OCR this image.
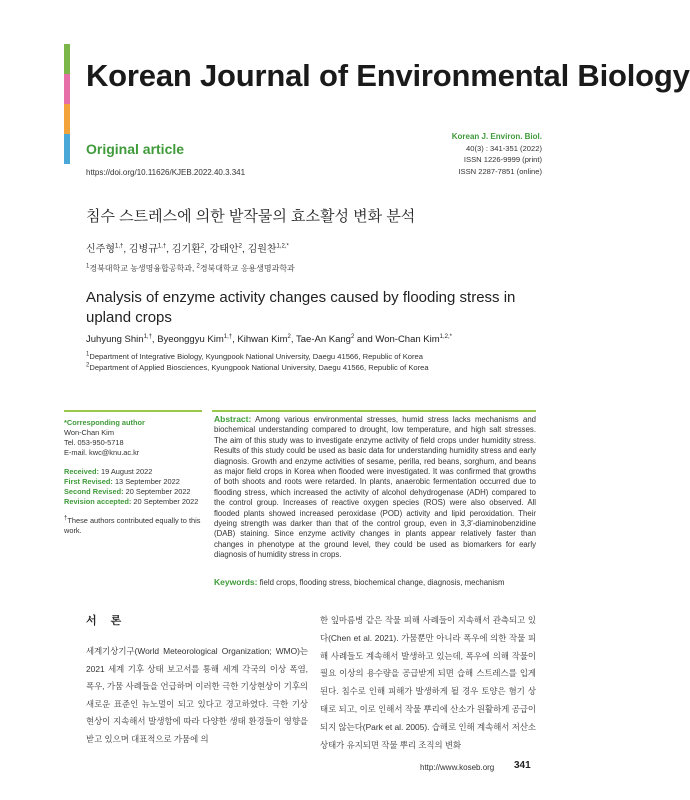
Korean Journal of Environmental Biology
Original article
https://doi.org/10.11626/KJEB.2022.40.3.341
Korean J. Environ. Biol.
40(3) : 341-351 (2022)
ISSN 1226-9999 (print)
ISSN 2287-7851 (online)
침수 스트레스에 의한 밭작물의 효소활성 변화 분석
신주형$^{1,\dagger}$, 김병규$^{1,\dagger}$, 김기환$^2$, 강태안$^2$, 김원찬$^{1,2,*}$
$^1$경북대학교 농생명융합공학과, $^2$경북대학교 응용생명과학과
Analysis of enzyme activity changes caused by flooding stress in upland crops
Juhyung Shin$^{1,\dagger}$, Byeonggyu Kim$^{1,\dagger}$, Kihwan Kim$^2$, Tae-An Kang$^2$ and Won-Chan Kim$^{1,2,*}$
$^1$Department of Integrative Biology, Kyungpook National University, Daegu 41566, Republic of Korea
$^2$Department of Applied Biosciences, Kyungpook National University, Daegu 41566, Republic of Korea
*Corresponding author
Won-Chan Kim
Tel. 053-950-5718
E-mail. kwc@knu.ac.kr
Received: 19 August 2022
First Revised: 13 September 2022
Second Revised: 20 September 2022
Revision accepted: 20 September 2022
†These authors contributed equally to this work.
Abstract: Among various environmental stresses, humid stress lacks mechanisms and biochemical understanding compared to drought, low temperature, and high salt stresses. The aim of this study was to investigate enzyme activity of field crops under humidity stress. Results of this study could be used as basic data for understanding humidity stress and early diagnosis. Growth and enzyme activities of sesame, perilla, red beans, sorghum, and beans as major field crops in Korea when flooded were investigated. It was confirmed that growths of both shoots and roots were retarded. In plants, anaerobic fermentation occurred due to flooding stress, which increased the activity of alcohol dehydrogenase (ADH) compared to the control group. Increases of reactive oxygen species (ROS) were also observed. All flooded plants showed increased peroxidase (POD) activity and lipid peroxidation. Their dyeing strength was darker than that of the control group, even in 3,3′-diaminobenzidine (DAB) staining. Since enzyme activity changes in plants appear relatively faster than changes in phenotype at the ground level, they could be used as biomarkers for early diagnosis of humidity stress in crops.
Keywords: field crops, flooding stress, biochemical change, diagnosis, mechanism
서론
세계기상기구(World Meteorological Organization; WMO)는 2021 세계 기후 상태 보고서를 통해 세계 각국의 이상 폭염, 폭우, 가뭄 사례들을 언급하며 이러한 극한 기상현상이 기후의 새로운 표준인 뉴노멀이 되고 있다고 경고하였다. 극한 기상 현상이 지속해서 발생함에 따라 다양한 생태 환경들이 영향을 받고 있으며 대표적으로 가뭄에 의
한 잎마름병 같은 작물 피해 사례들이 지속해서 관측되고 있다(Chen et al. 2021). 가뭄뿐만 아니라 폭우에 의한 작물 피해 사례들도 계속해서 발생하고 있는데, 폭우에 의해 작물이 필요 이상의 용수량을 공급받게 되면 습해 스트레스를 입게 된다. 침수로 인해 피해가 발생하게 될 경우 토양은 혐기 상태로 되고, 이로 인해서 작물 뿌리에 산소가 원활하게 공급이 되지 않는다(Park et al. 2005). 습해로 인해 계속해서 저산소 상태가 유지되면 작물 뿌리 조직의 변화
http://www.koseb.org 341
